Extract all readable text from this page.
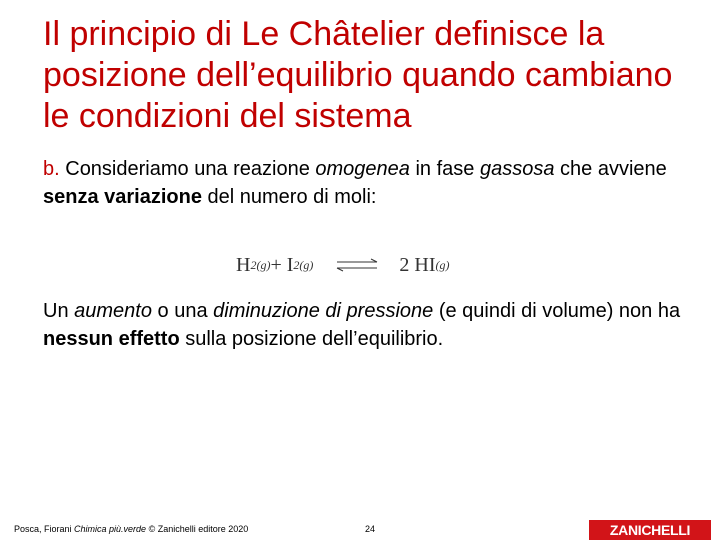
Il principio di Le Châtelier definisce la posizione dell’equilibrio quando cambiano le condizioni del sistema

b. Consideriamo una reazione omogenea in fase gassosa che avviene senza variazione del numero di moli:

H 2(g) + I 2(g) ⇌ 2 HI (g)

Un aumento o una diminuzione di pressione (e quindi di volume) non ha nessun effetto sulla posizione dell’equilibrio.

Posca, Fiorani Chimica più.verde © Zanichelli editore 2020	24	ZANICHELLI
